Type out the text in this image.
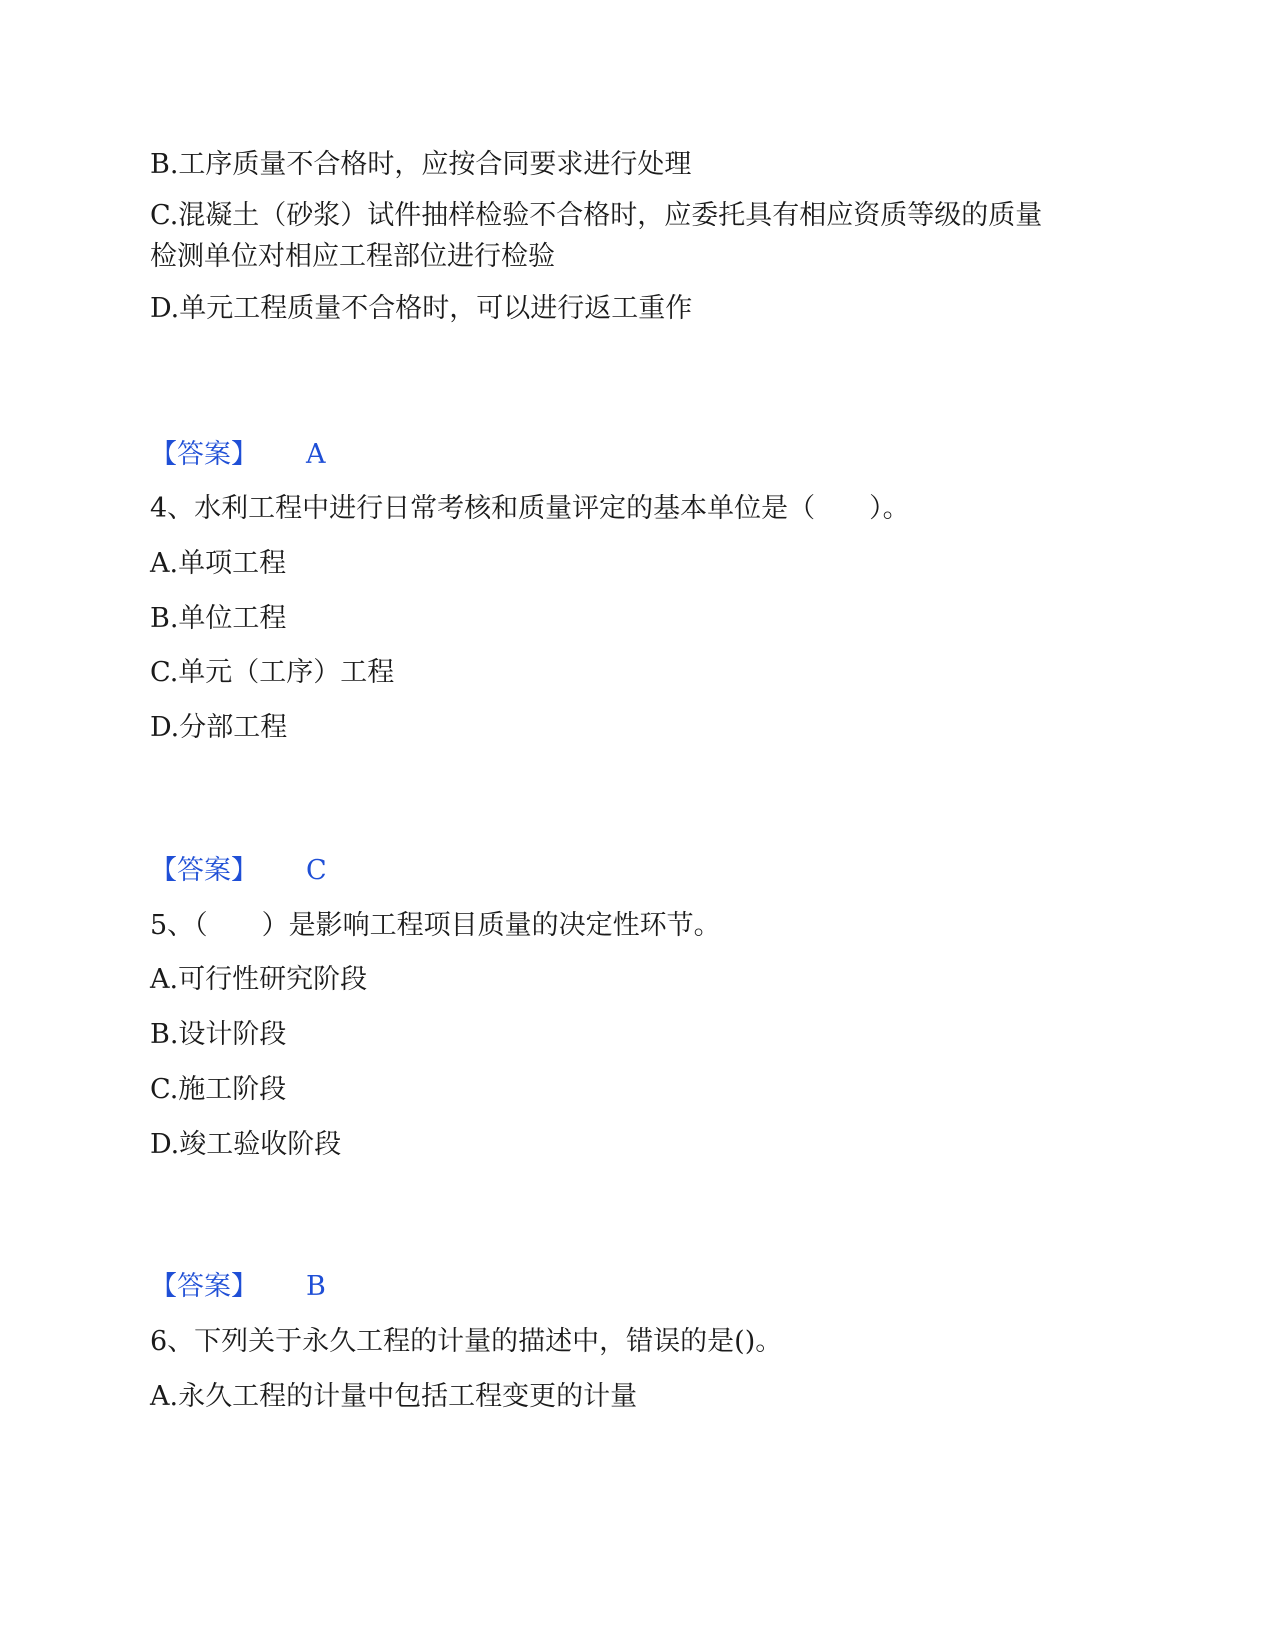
B.工序质量不合格时，应按合同要求进行处理
C.混凝土（砂浆）试件抽样检验不合格时，应委托具有相应资质等级的质量
检测单位对相应工程部位进行检验
D.单元工程质量不合格时，可以进行返工重作
【答案】 A
4、水利工程中进行日常考核和质量评定的基本单位是（　　）。
A.单项工程
B.单位工程
C.单元（工序）工程
D.分部工程
【答案】 C
5、（　　）是影响工程项目质量的决定性环节。
A.可行性研究阶段
B.设计阶段
C.施工阶段
D.竣工验收阶段
【答案】 B
6、下列关于永久工程的计量的描述中，错误的是()。
A.永久工程的计量中包括工程变更的计量
